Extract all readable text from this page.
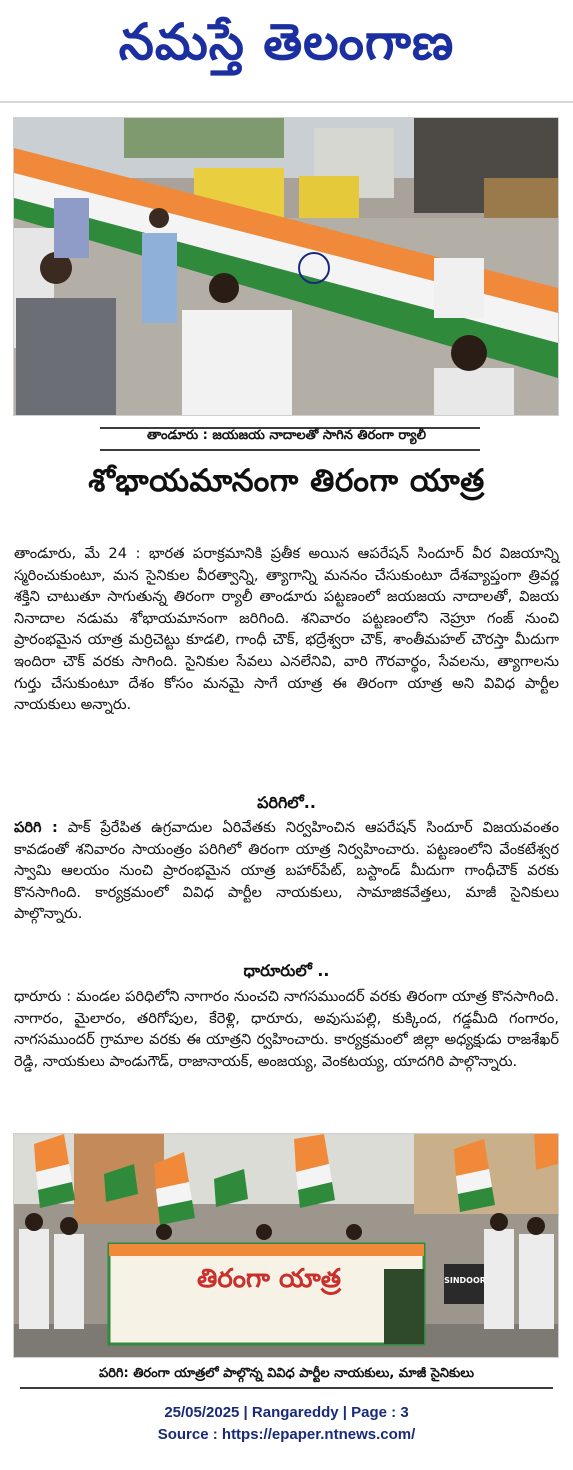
నమస్తే తెలంగాణ
తాండూరు : జయజయ నాదాలతో సాగిన తిరంగా ర్యాలీ
శోభాయమానంగా తిరంగా యాత్ర
తాండూరు, మే 24 : భారత పరాక్రమానికి ప్రతీక అయిన ఆపరేషన్ సిందూర్ వీర విజయాన్ని స్మరించుకుంటూ, మన సైనికుల వీరత్వాన్ని, త్యాగాన్ని మననం చేసుకుంటూ దేశవ్యాప్తంగా త్రివర్ణ శక్తిని చాటుతూ సాగుతున్న తిరంగా ర్యాలీ తాండూరు పట్టణంలో జయజయ నాదాలతో, విజయ నినాదాల నడుమ శోభాయమానంగా జరిగింది. శనివారం పట్టణంలోని నెహ్రూ గంజ్ నుంచి ప్రారంభమైన యాత్ర మర్రిచెట్టు కూడలి, గాంధీ చౌక్, భద్రేశ్వరా చౌక్, శాంతీమహల్ చౌరస్తా మీదుగా ఇందిరా చౌక్ వరకు సాగింది. సైనికుల సేవలు ఎనలేనివి, వారి గౌరవార్థం, సేవలను, త్యాగాలను గుర్తు చేసుకుంటూ దేశం కోసం మనమై సాగే యాత్ర ఈ తిరంగా యాత్ర అని వివిధ పార్టీల నాయకులు అన్నారు.
పరిగిలో..
పరిగి : పాక్ ప్రేరేపిత ఉగ్రవాదుల ఏరివేతకు నిర్వహించిన ఆపరేషన్ సిందూర్ విజయవంతం కావడంతో శనివారం సాయంత్రం పరిగిలో తిరంగా యాత్ర నిర్వహించారు. పట్టణంలోని వేంకటేశ్వర స్వామి ఆలయం నుంచి ప్రారంభమైన యాత్ర బహార్‌పేట్, బస్టాండ్ మీదుగా గాంధీచౌక్ వరకు కొనసాగింది. కార్యక్రమంలో వివిధ పార్టీల నాయకులు, సామాజికవేత్తలు, మాజీ సైనికులు పాల్గొన్నారు.
ధారూరులో ..
ధారూరు : మండల పరిధిలోని నాగారం నుంచచి నాగసముందర్ వరకు తిరంగా యాత్ర కొనసాగింది. నాగారం, మైలారం, తరిగోపుల, కేరెళ్లి, ధారూరు, అవుసుపల్లి, కుక్కింద, గడ్డమీది గంగారం, నాగసముందర్ గ్రామాల వరకు ఈ యాత్రని ర్వహించారు. కార్యక్రమంలో జిల్లా అధ్యక్షుడు రాజశేఖర్ రెడ్డి, నాయకులు పాండుగౌడ్, రాజానాయక్, అంజయ్య, వెంకటయ్య, యాదగిరి పాల్గొన్నారు.
తిరంగా యాత్ర	SINDOOR
పరిగి: తిరంగా యాత్రలో పాల్గొన్న వివిధ పార్టీల నాయకులు, మాజీ సైనికులు
25/05/2025 | Rangareddy | Page : 3
Source : https://epaper.ntnews.com/
